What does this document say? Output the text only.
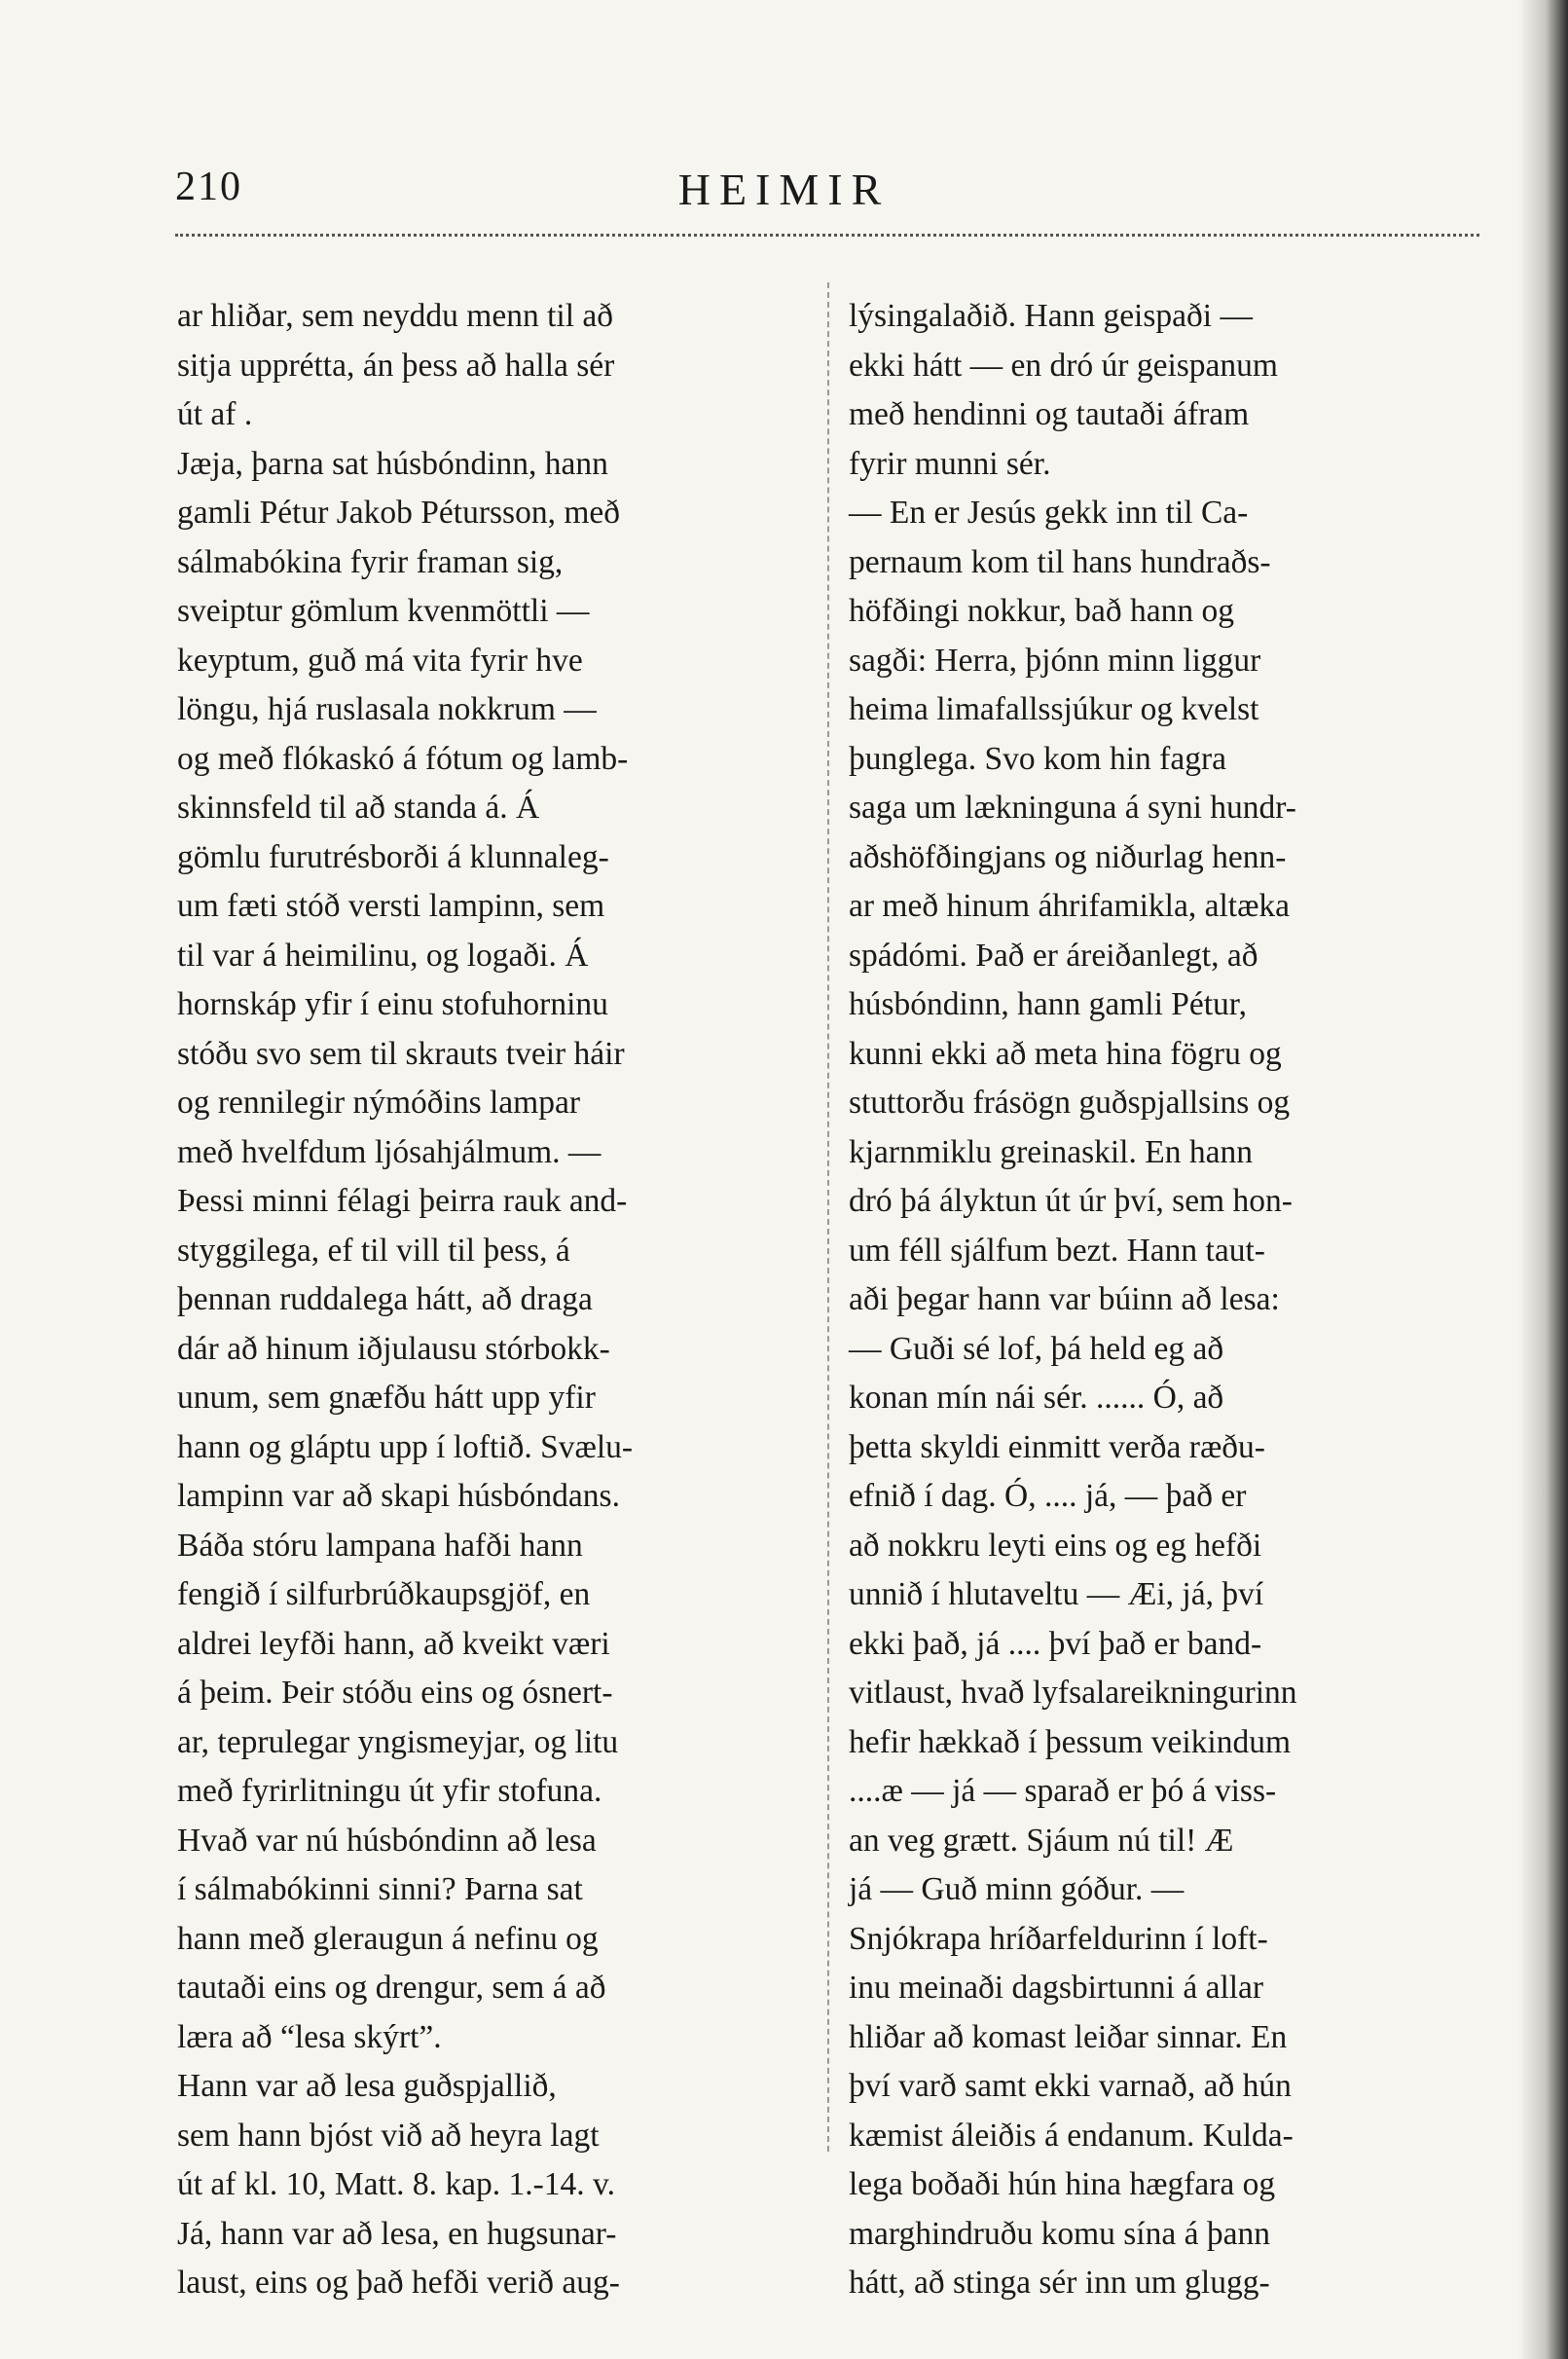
210	HEIMIR
ar hliðar, sem neyddu menn til að
sitja upprétta, án þess að halla sér
út af .
Jæja, þarna sat húsbóndinn, hann
gamli Pétur Jakob Pétursson, með
sálmabókina fyrir framan sig,
sveiptur gömlum kvenmöttli —
keyptum, guð má vita fyrir hve
löngu, hjá ruslasala nokkrum —
og með flókaskó á fótum og lamb-
skinnsfeld til að standa á. Á
gömlu furutrésborði á klunnaleg-
um fæti stóð versti lampinn, sem
til var á heimilinu, og logaði. Á
hornskáp yfir í einu stofuhorninu
stóðu svo sem til skrauts tveir háir
og rennilegir nýmóðins lampar
með hvelfdum ljósahjálmum. —
Þessi minni félagi þeirra rauk and-
styggilega, ef til vill til þess, á
þennan ruddalega hátt, að draga
dár að hinum iðjulausu stórbokk-
unum, sem gnæfðu hátt upp yfir
hann og gláptu upp í loftið. Svælu-
lampinn var að skapi húsbóndans.
Báða stóru lampana hafði hann
fengið í silfurbrúðkaupsgjöf, en
aldrei leyfði hann, að kveikt væri
á þeim. Þeir stóðu eins og ósnert-
ar, teprulegar yngismeyjar, og litu
með fyrirlitningu út yfir stofuna.
Hvað var nú húsbóndinn að lesa
í sálmabókinni sinni? Þarna sat
hann með gleraugun á nefinu og
tautaði eins og drengur, sem á að
læra að “lesa skýrt”.
Hann var að lesa guðspjallið,
sem hann bjóst við að heyra lagt
út af kl. 10, Matt. 8. kap. 1.-14. v.
Já, hann var að lesa, en hugsunar-
laust, eins og það hefði verið aug-
lýsingalaðið. Hann geispaði —
ekki hátt — en dró úr geispanum
með hendinni og tautaði áfram
fyrir munni sér.
— En er Jesús gekk inn til Ca-
pernaum kom til hans hundraðs-
höfðingi nokkur, bað hann og
sagði: Herra, þjónn minn liggur
heima limafallssjúkur og kvelst
þunglega. Svo kom hin fagra
saga um lækninguna á syni hundr-
aðshöfðingjans og niðurlag henn-
ar með hinum áhrifamikla, altæka
spádómi. Það er áreiðanlegt, að
húsbóndinn, hann gamli Pétur,
kunni ekki að meta hina fögru og
stuttorðu frásögn guðspjallsins og
kjarnmiklu greinaskil. En hann
dró þá ályktun út úr því, sem hon-
um féll sjálfum bezt. Hann taut-
aði þegar hann var búinn að lesa:
— Guði sé lof, þá held eg að
konan mín nái sér. ...... Ó, að
þetta skyldi einmitt verða ræðu-
efnið í dag. Ó, .... já, — það er
að nokkru leyti eins og eg hefði
unnið í hlutaveltu — Æi, já, því
ekki það, já .... því það er band-
vitlaust, hvað lyfsalareikningurinn
hefir hækkað í þessum veikindum
....æ — já — sparað er þó á viss-
an veg grætt. Sjáum nú til! Æ
já — Guð minn góður. —
Snjókrapa hríðarfeldurinn í loft-
inu meinaði dagsbirtunni á allar
hliðar að komast leiðar sinnar. En
því varð samt ekki varnað, að hún
kæmist áleiðis á endanum. Kulda-
lega boðaði hún hina hægfara og
marghindruðu komu sína á þann
hátt, að stinga sér inn um glugg-
